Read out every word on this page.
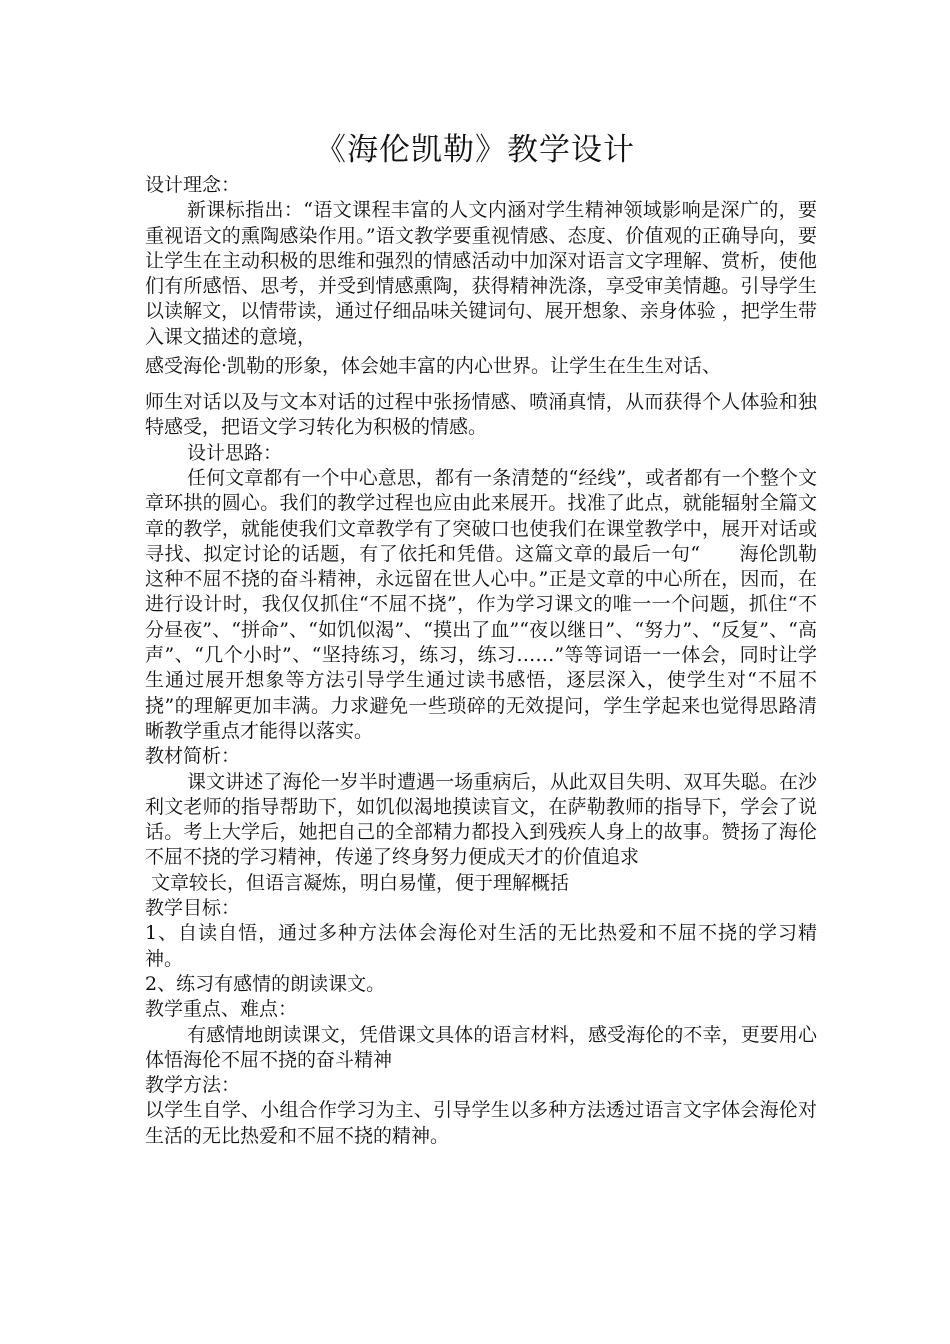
《海伦凯勒》教学设计

设计理念：

新课标指出：“语文课程丰富的人文内涵对学生精神领域影响是深广的，要重视语文的熏陶感染作用。”语文教学要重视情感、态度、价值观的正确导向，要让学生在主动积极的思维和强烈的情感活动中加深对语言文字理解、赏析，使他们有所感悟、思考，并受到情感熏陶，获得精神洗涤，享受审美情趣。引导学生以读解文，以情带读，通过仔细品味关键词句、展开想象、亲身体验 ，把学生带入课文描述的意境，

感受海伦·凯勒的形象，体会她丰富的内心世界。让学生在生生对话、

师生对话以及与文本对话的过程中张扬情感、喷涌真情，从而获得个人体验和独特感受，把语文学习转化为积极的情感。

设计思路：

任何文章都有一个中心意思，都有一条清楚的“经线”，或者都有一个整个文章环拱的圆心。我们的教学过程也应由此来展开。找准了此点，就能辐射全篇文章的教学，就能使我们文章教学有了突破口也使我们在课堂教学中，展开对话或寻找、拟定讨论的话题，有了依托和凭借。这篇文章的最后一句“　　海伦凯勒这种不屈不挠的奋斗精神，永远留在世人心中。”正是文章的中心所在，因而，在进行设计时，我仅仅抓住“不屈不挠”，作为学习课文的唯一一个问题，抓住“不分昼夜”、“拼命”、“如饥似渴”、“摸出了血”“夜以继日”、“努力”、“反复”、“高声”、“几个小时”、“坚持练习，练习，练习……”等等词语一一体会，同时让学生通过展开想象等方法引导学生通过读书感悟，逐层深入，使学生对“不屈不挠”的理解更加丰满。力求避免一些琐碎的无效提问，学生学起来也觉得思路清晰教学重点才能得以落实。

教材简析：

课文讲述了海伦一岁半时遭遇一场重病后，从此双目失明、双耳失聪。在沙利文老师的指导帮助下，如饥似渴地摸读盲文，在萨勒教师的指导下，学会了说话。考上大学后，她把自己的全部精力都投入到残疾人身上的故事。赞扬了海伦不屈不挠的学习精神，传递了终身努力便成天才的价值追求

文章较长，但语言凝炼，明白易懂，便于理解概括

教学目标：

1、自读自悟，通过多种方法体会海伦对生活的无比热爱和不屈不挠的学习精神。

2、练习有感情的朗读课文。

教学重点、难点：

有感情地朗读课文，凭借课文具体的语言材料，感受海伦的不幸，更要用心体悟海伦不屈不挠的奋斗精神

教学方法：

以学生自学、小组合作学习为主、引导学生以多种方法透过语言文字体会海伦对生活的无比热爱和不屈不挠的精神。
